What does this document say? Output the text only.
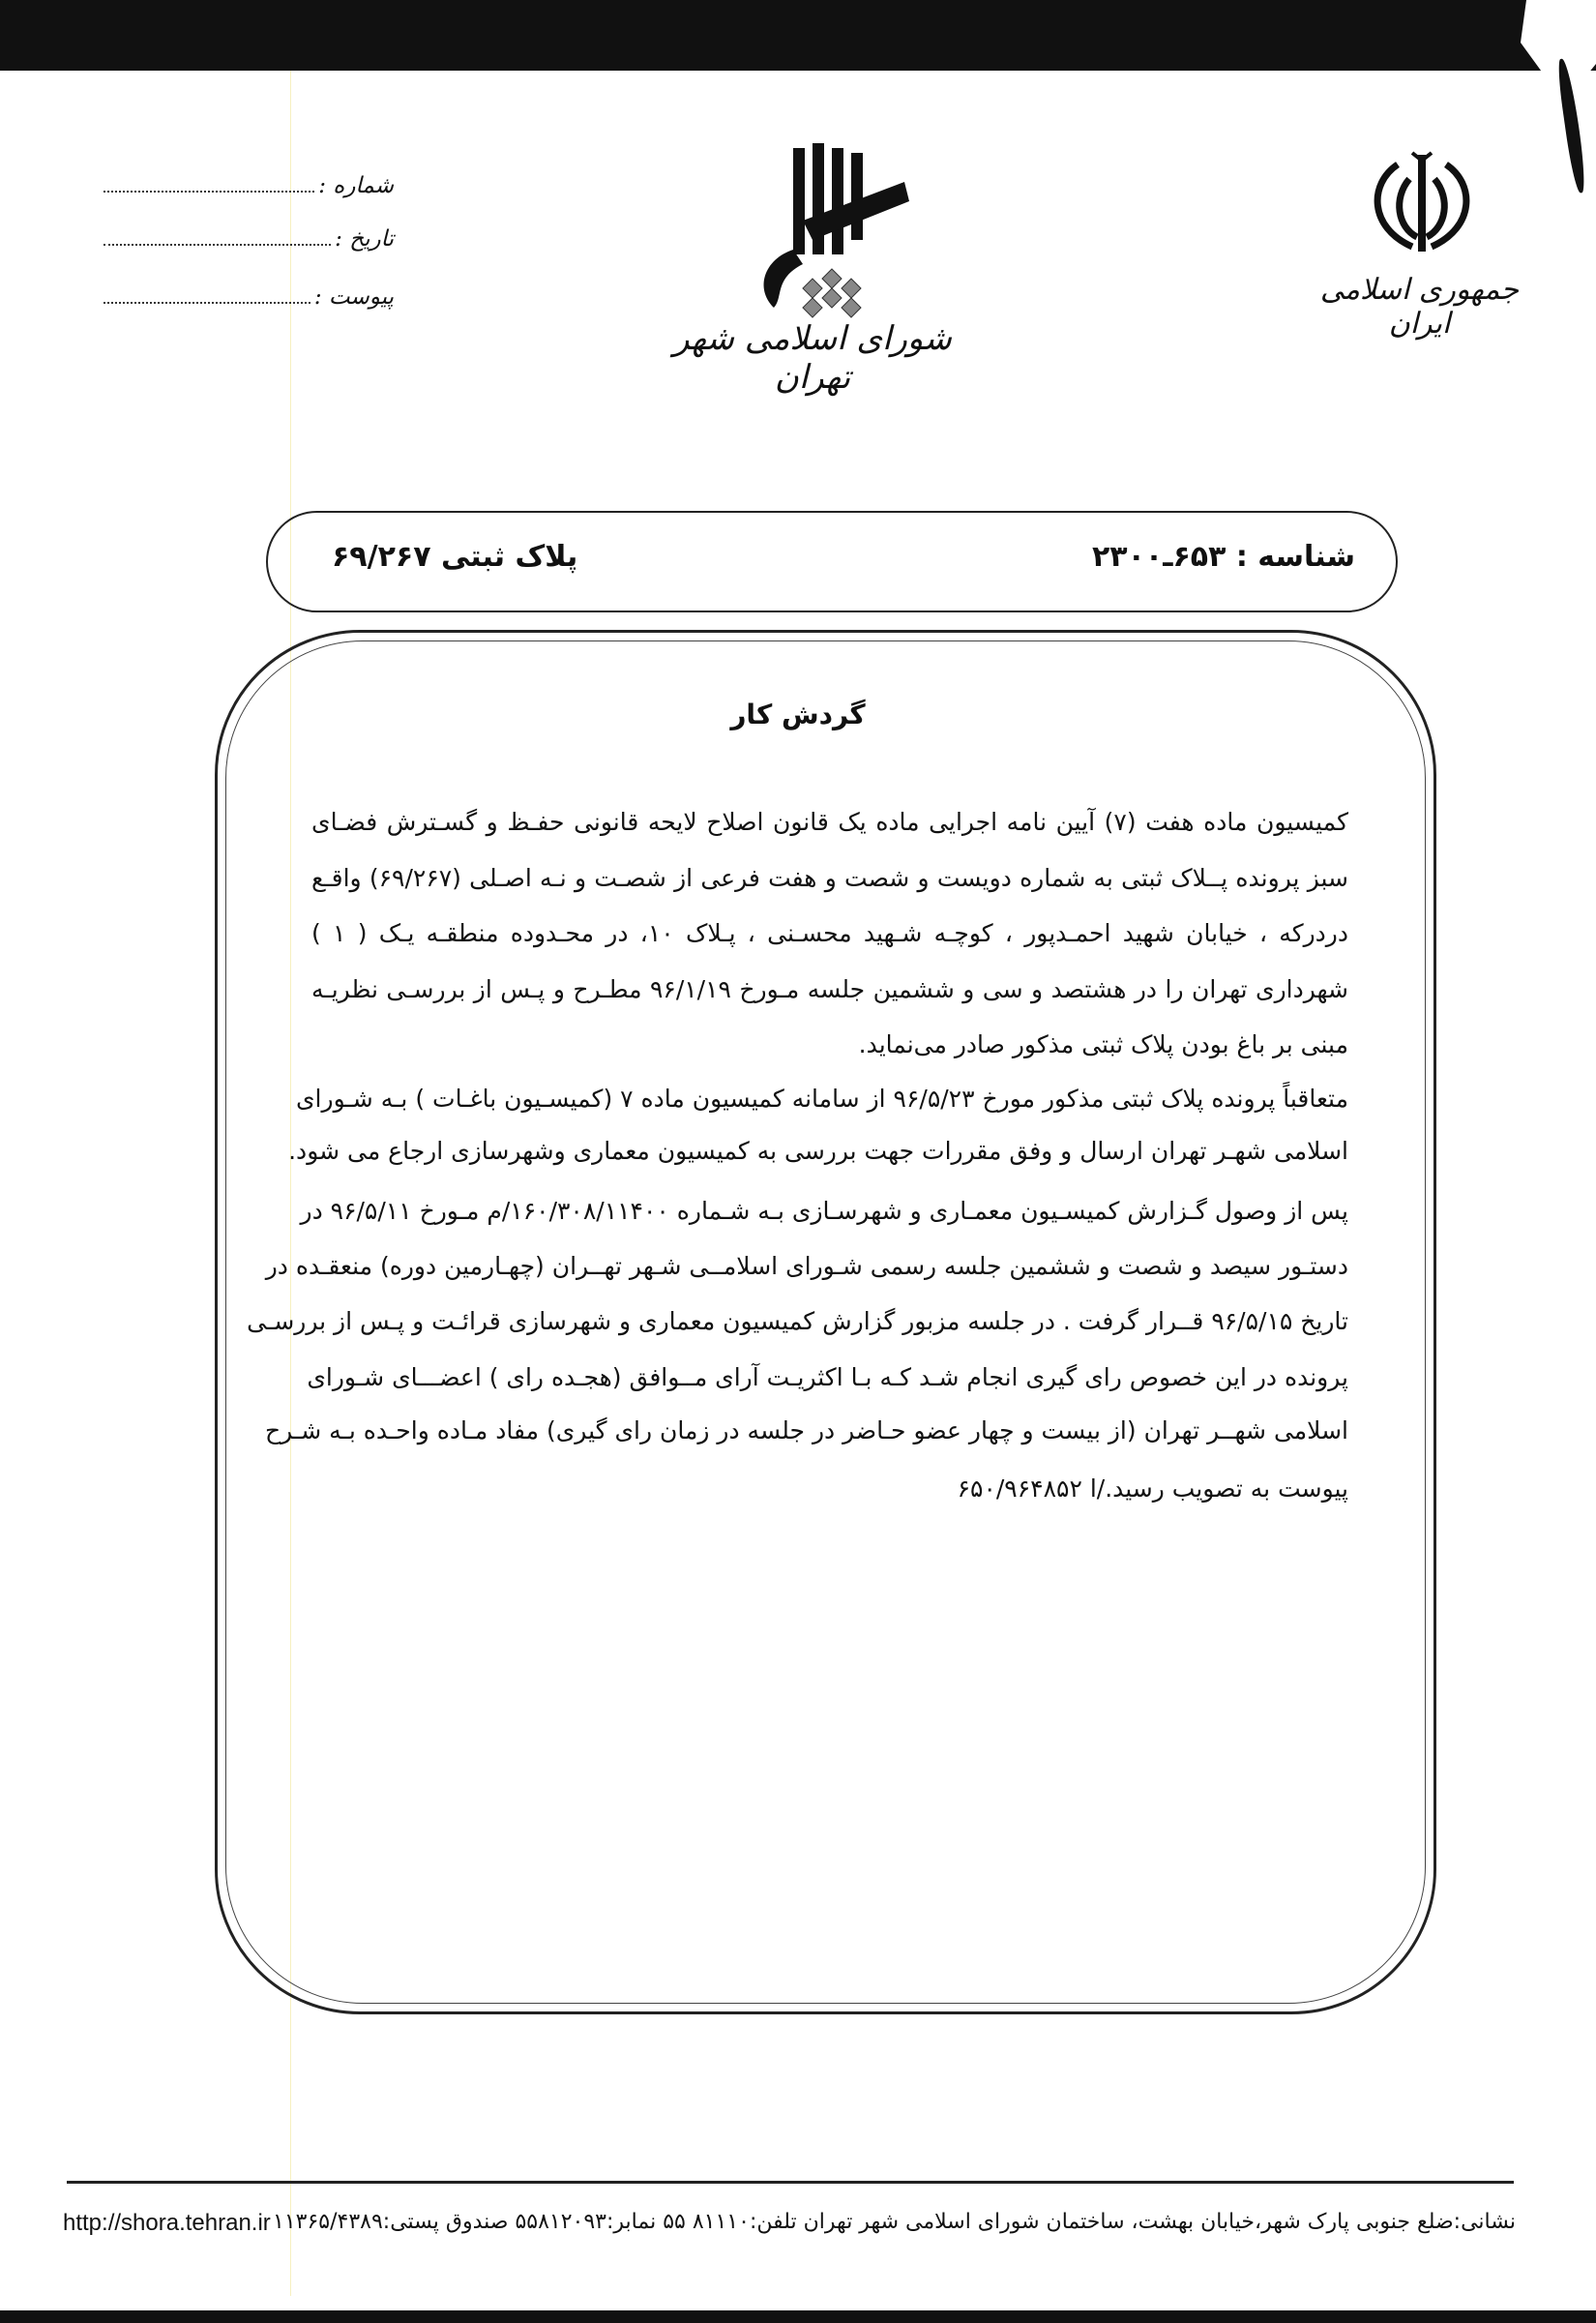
جمهوری اسلامی ایران
شورای اسلامی شهر تهران
شماره :
تاریخ :
پیوست :
شناسه : ۶۵۳ـ۲۳۰۰
پلاک ثبتی ۶۹/۲۶۷
گردش کار
کمیسیون ماده هفت (۷) آیین نامه اجرایی ماده یک قانون اصلاح لایحه قانونی حفـظ و گسـترش فضـای
سبز پرونده پــلاک ثبتی به شماره دویست و شصت و هفت فرعی از شصـت و نـه اصـلی (۶۹/۲۶۷) واقـع
دردرکه ، خیابان شهید احمـدپور ، کوچـه شـهید محسـنی ، پـلاک ۱۰، در محـدوده منطقـه یـک ( ۱ )
شهرداری تهران را در هشتصد و سی و ششمین جلسه مـورخ ۹۶/۱/۱۹ مطـرح و پـس از بررسـی نظریـه
مبنی بر باغ بودن پلاک ثبتی مذکور صادر می‌نماید.
متعاقباً پرونده پلاک ثبتی مذکور مورخ ۹۶/۵/۲۳ از سامانه کمیسیون ماده ۷ (کمیسـیون باغـات ) بـه شـورای
اسلامی شهـر تهران ارسال و وفق مقررات جهت بررسی به کمیسیون معماری وشهرسازی ارجاع می شود.
پس از وصول گـزارش کمیسـیون معمـاری و شهرسـازی بـه شـماره ۱۶۰/۳۰۸/۱۱۴۰۰/م مـورخ ۹۶/۵/۱۱ در
دستـور سیصد و شصت و ششمین جلسه رسمی شـورای اسلامــی شـهر تهــران (چهـارمین دوره) منعقـده در
تاریخ ۹۶/۵/۱۵ قــرار گرفت . در جلسه مزبور گزارش کمیسیون معماری و شهرسازی قرائـت و پـس از بررسـی
پرونده در این خصوص رای گیری انجام شـد کـه بـا اکثریـت آرای مــوافق (هجـده رای ) اعضـــای شـورای
اسلامی شهــر تهران (از بیست و چهار عضو حـاضر در جلسه در زمان رای گیری) مفاد مـاده واحـده بـه شـرح
پیوست به تصویب رسید./ا ۶۵۰/۹۶۴۸۵۲
نشانی:ضلع جنوبی پارک شهر،خیابان بهشت، ساختمان شورای اسلامی شهر تهران تلفن:۸۱۱۱۰ ۵۵ نمابر:۵۵۸۱۲۰۹۳ صندوق پستی:۱۱۳۶۵/۴۳۸۹
http://shora.tehran.ir
